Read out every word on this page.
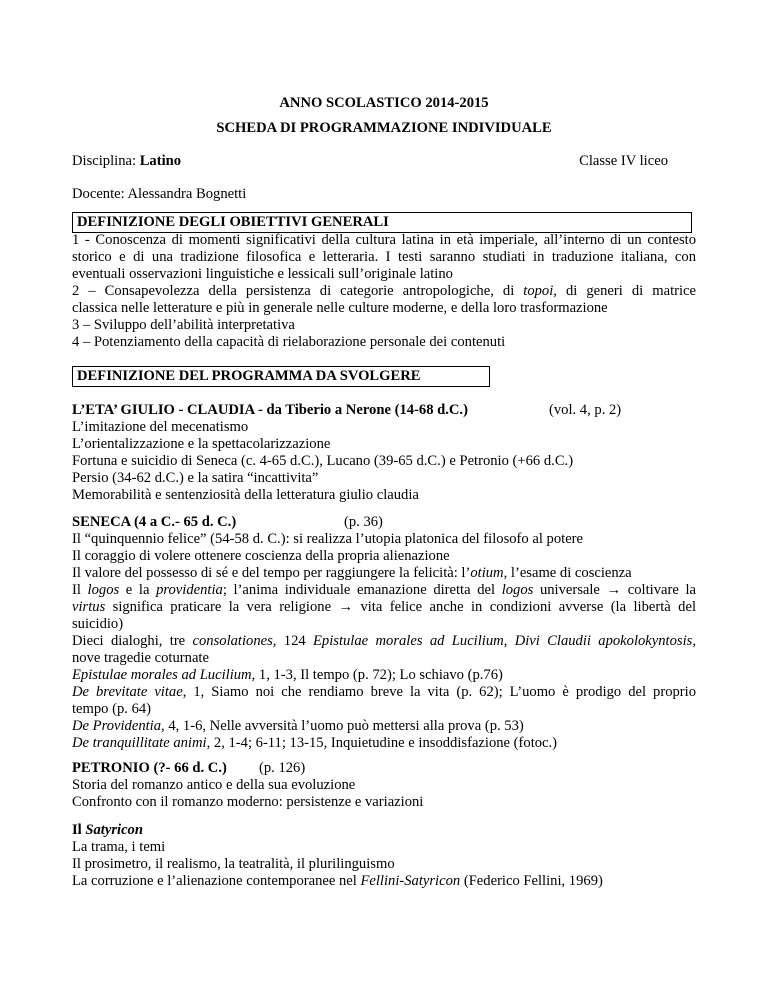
ANNO SCOLASTICO 2014-2015
SCHEDA DI PROGRAMMAZIONE INDIVIDUALE
Disciplina: Latino	Classe IV liceo
Docente: Alessandra Bognetti
DEFINIZIONE DEGLI OBIETTIVI GENERALI
1 - Conoscenza di momenti significativi della cultura latina in età imperiale, all’interno di un contesto
storico e di una tradizione filosofica e letteraria. I testi saranno studiati in traduzione italiana, con
eventuali osservazioni linguistiche e lessicali sull’originale latino
2 – Consapevolezza della persistenza di categorie antropologiche, di topoi, di generi di matrice
classica nelle letterature e più in generale nelle culture moderne, e della loro trasformazione
3 – Sviluppo dell’abilità interpretativa
4 – Potenziamento della capacità di rielaborazione personale dei contenuti
DEFINIZIONE DEL PROGRAMMA DA SVOLGERE
L’ETA’ GIULIO - CLAUDIA - da Tiberio a Nerone (14-68 d.C.)	(vol. 4, p. 2)
L’imitazione del mecenatismo
L’orientalizzazione e la spettacolarizzazione
Fortuna e suicidio di Seneca (c. 4-65 d.C.), Lucano (39-65 d.C.) e Petronio (+66 d.C.)
Persio (34-62 d.C.) e la satira “incattivita”
Memorabilità e sentenziosità della letteratura giulio claudia
SENECA (4 a C.- 65 d. C.)	(p. 36)
Il “quinquennio felice” (54-58 d. C.): si realizza l’utopia platonica del filosofo al potere
Il coraggio di volere ottenere coscienza della propria alienazione
Il valore del possesso di sé e del tempo per raggiungere la felicità: l’otium, l’esame di coscienza
Il logos e la providentia; l’anima individuale emanazione diretta del logos universale → coltivare la
virtus significa praticare la vera religione → vita felice anche in condizioni avverse (la libertà del
suicidio)
Dieci dialoghi, tre consolationes, 124 Epistulae morales ad Lucilium, Divi Claudii apokolokyntosis,
nove tragedie coturnate
Epistulae morales ad Lucilium, 1, 1-3, Il tempo (p. 72); Lo schiavo (p.76)
De brevitate vitae, 1, Siamo noi che rendiamo breve la vita (p. 62); L’uomo è prodigo del proprio
tempo (p. 64)
De Providentia, 4, 1-6, Nelle avversità l’uomo può mettersi alla prova (p. 53)
De tranquillitate animi, 2, 1-4; 6-11; 13-15, Inquietudine e insoddisfazione (fotoc.)
PETRONIO (?- 66 d. C.) (p. 126)
Storia del romanzo antico e della sua evoluzione
Confronto con il romanzo moderno: persistenze e variazioni
Il Satyricon
La trama, i temi
Il prosimetro, il realismo, la teatralità, il plurilinguismo
La corruzione e l’alienazione contemporanee nel Fellini-Satyricon (Federico Fellini, 1969)
